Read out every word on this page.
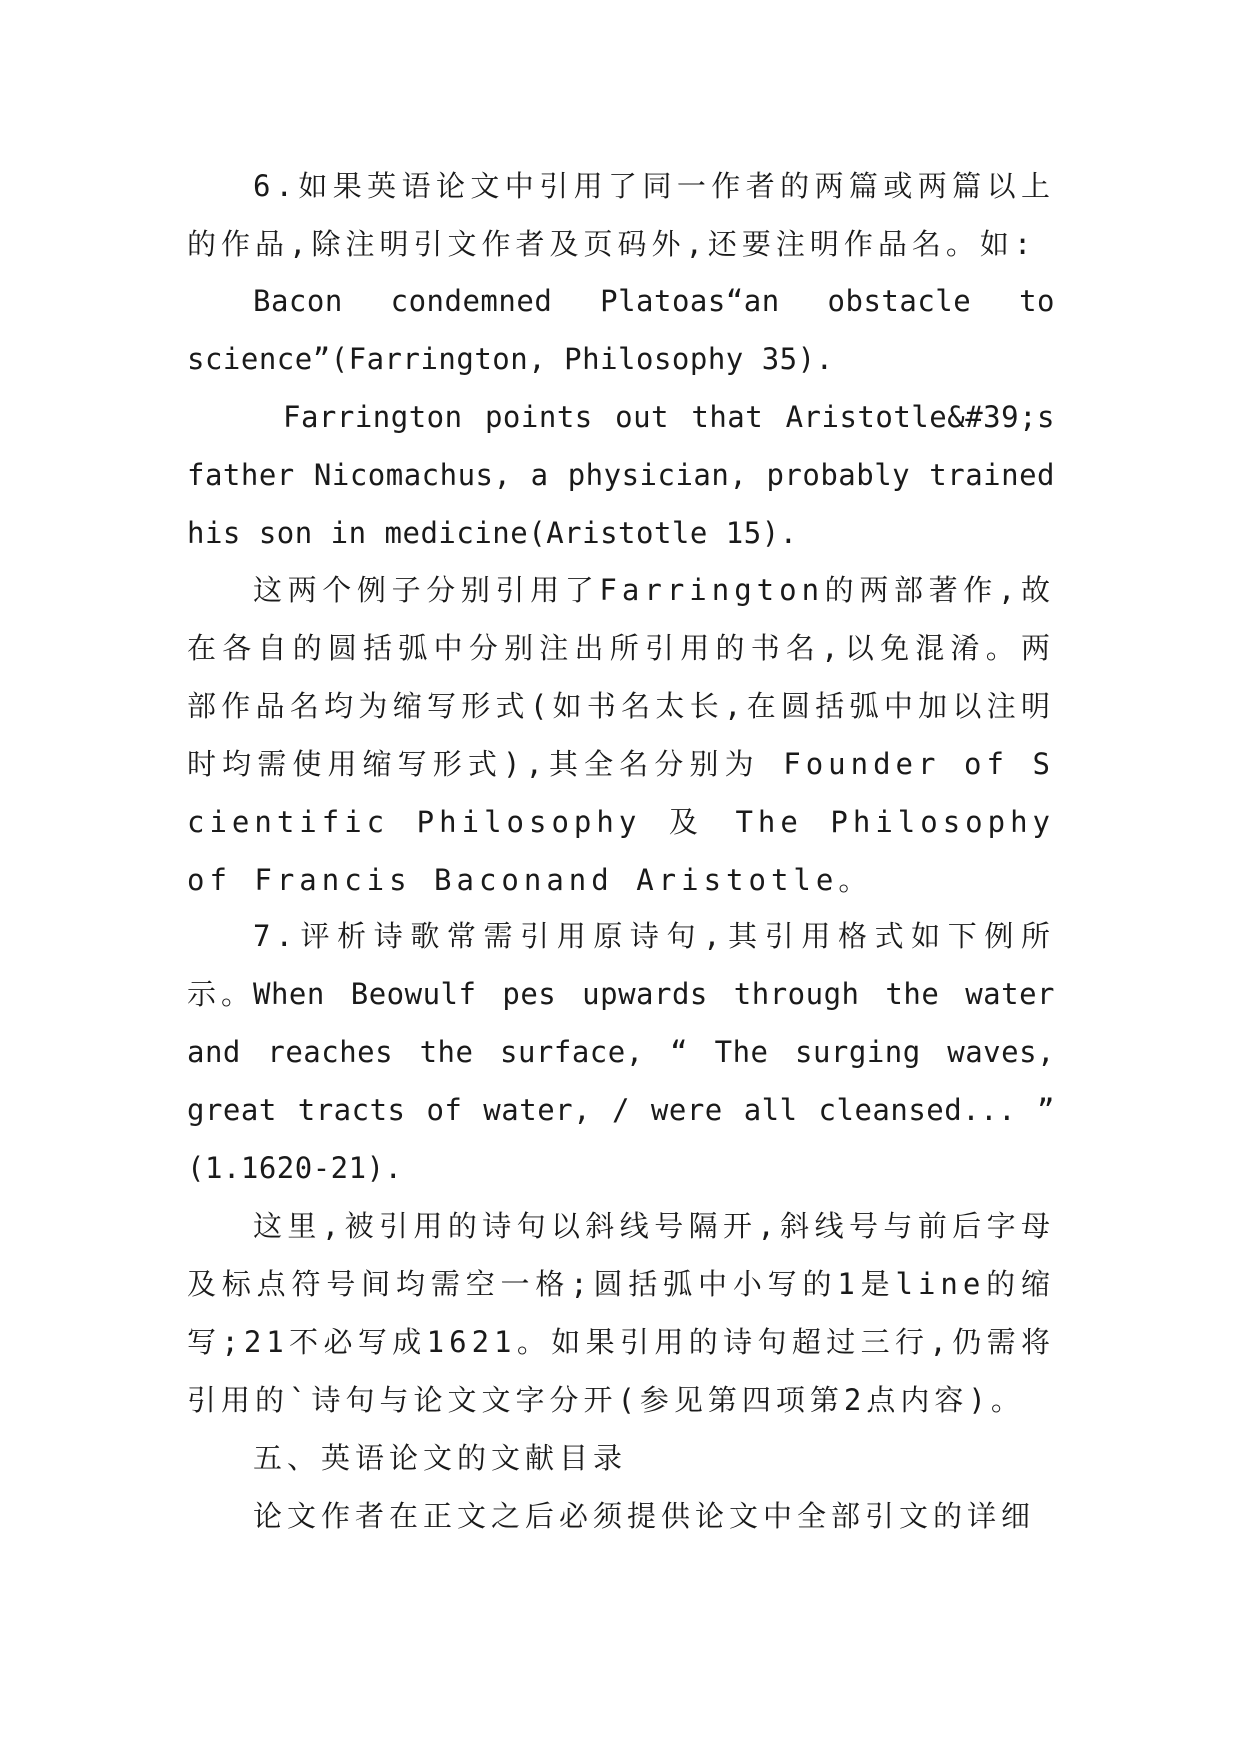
6.如果英语论文中引用了同一作者的两篇或两篇以上的作品,除注明引文作者及页码外,还要注明作品名。如:

Bacon condemned Platoas“an obstacle to science”(Farrington, Philosophy 35).

Farrington points out that Aristotle&#39;s father Nicomachus, a physician, probably trained his son in medicine(Aristotle 15).

这两个例子分别引用了Farrington的两部著作,故在各自的圆括弧中分别注出所引用的书名,以免混淆。两部作品名均为缩写形式(如书名太长,在圆括弧中加以注明时均需使用缩写形式),其全名分别为 Founder of Scientific Philosophy 及 The Philosophy of Francis Baconand Aristotle。

7.评析诗歌常需引用原诗句,其引用格式如下例所示。

When Beowulf pes upwards through the water and reaches the surface, “ The surging waves, great tracts of water, / were all cleansed... ” (1.1620-21).

这里,被引用的诗句以斜线号隔开,斜线号与前后字母及标点符号间均需空一格;圆括弧中小写的1是line的缩写;21不必写成1621。如果引用的诗句超过三行,仍需将引用的`诗句与论文文字分开(参见第四项第2点内容)。

五、英语论文的文献目录

论文作者在正文之后必须提供论文中全部引文的详细
